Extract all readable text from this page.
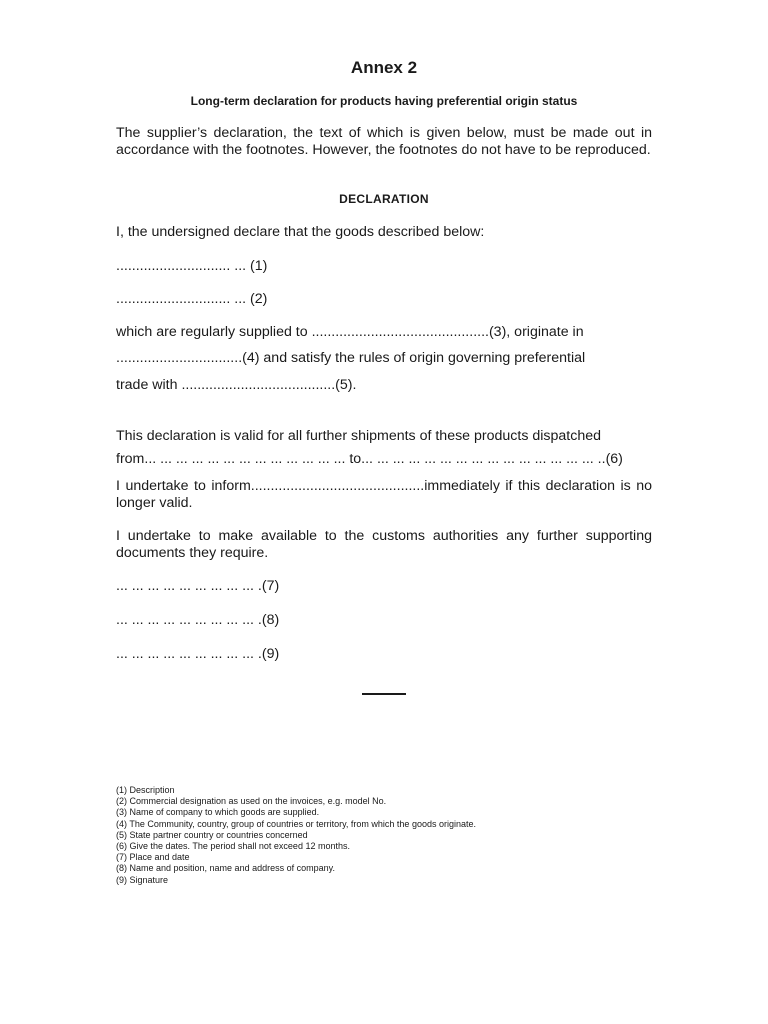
Annex 2
Long-term declaration for products having preferential origin status
The supplier’s declaration, the text of which is given below, must be made out in accordance with the footnotes. However, the footnotes do not have to be reproduced.
DECLARATION
I, the undersigned declare that the goods described below:
............................. ... (1)
............................. ... (2)
which are regularly supplied to .............................................(3), originate in
................................(4) and satisfy the rules of origin governing preferential
trade with .......................................(5).
This declaration is valid for all further shipments of these products dispatched
from... ... ... ... ... ... ... ... ... ... ... ... ... to... ... ... ... ... ... ... ... ... ... ... ... ... ... ... ..(6)
I undertake to inform............................................immediately if this declaration is no longer valid.
I undertake to make available to the customs authorities any further supporting documents they require.
... ... ... ... ... ... ... ... ... .(7)
... ... ... ... ... ... ... ... ... .(8)
... ... ... ... ... ... ... ... ... .(9)
(1) Description
(2) Commercial designation as used on the invoices, e.g. model No.
(3) Name of company to which goods are supplied.
(4) The Community, country, group of countries or territory, from which the goods originate.
(5) State partner country or countries concerned
(6) Give the dates. The period shall not exceed 12 months.
(7) Place and date
(8) Name and position, name and address of company.
(9) Signature
